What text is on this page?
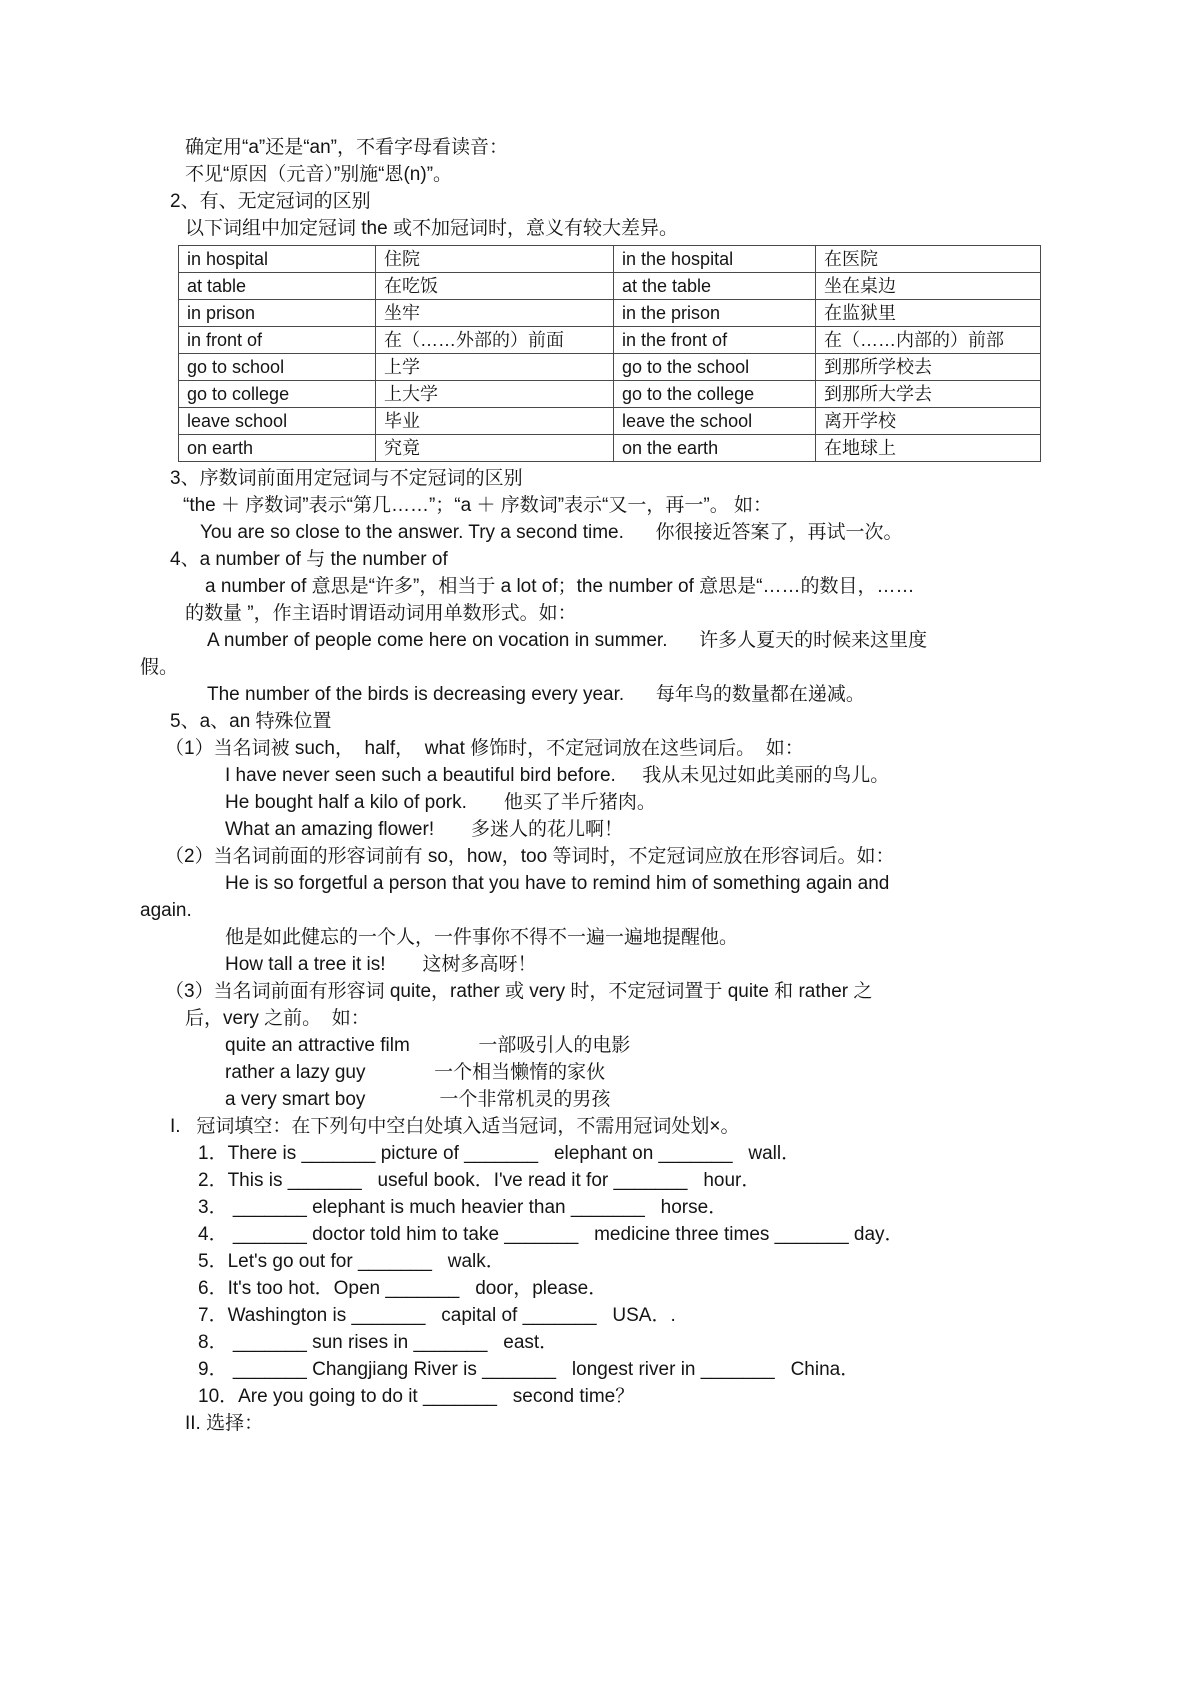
确定用“a”还是“an”，不看字母看读音：

不见“原因（元音）”别施“恩(n)”。

2、有、无定冠词的区别

以下词组中加定冠词 the 或不加冠词时，意义有较大差异。

in hospital	住院	in the hospital	在医院
at table	在吃饭	at the table	坐在桌边
in prison	坐牢	in the prison	在监狱里
in front of	在（……外部的）前面	in the front of	在（……内部的）前部
go to school	上学	go to the school	到那所学校去
go to college	上大学	go to the college	到那所大学去
leave school	毕业	leave the school	离开学校
on earth	究竟	on the earth	在地球上

3、序数词前面用定冠词与不定冠词的区别

“the ＋ 序数词”表示“第几……”；“a ＋ 序数词”表示“又一，再一”。 如：

You are so close to the answer. Try a second time.      你很接近答案了，再试一次。

4、a number of 与 the number of

a number of 意思是“许多”，相当于 a lot of；the number of 意思是“……的数目，……

的数量 ”，作主语时谓语动词用单数形式。如：

A number of people come here on vocation in summer.      许多人夏天的时候来这里度

假。

The number of the birds is decreasing every year.      每年鸟的数量都在递减。

5、a、an 特殊位置

（1）当名词被 such，  half，  what 修饰时，不定冠词放在这些词后。  如：

I have never seen such a beautiful bird before.     我从未见过如此美丽的鸟儿。

He bought half a kilo of pork.       他买了半斤猪肉。

What an amazing flower!       多迷人的花儿啊！

（2）当名词前面的形容词前有 so，how，too 等词时，不定冠词应放在形容词后。如：

He is so forgetful a person that you have to remind him of something again and

again.

他是如此健忘的一个人，一件事你不得不一遍一遍地提醒他。

How tall a tree it is!       这树多高呀！

（3）当名词前面有形容词 quite，rather 或 very 时，不定冠词置于 quite 和 rather 之

后，very 之前。  如：

quite an attractive film             一部吸引人的电影

rather a lazy guy             一个相当懒惰的家伙

a very smart boy              一个非常机灵的男孩

I.   冠词填空：在下列句中空白处填入适当冠词，不需用冠词处划×。

1．There is _______ picture of _______   elephant on _______   wall．

2．This is _______   useful book．I've read it for _______   hour．

3． _______ elephant is much heavier than _______   horse．

4． _______ doctor told him to take _______   medicine three times _______ day．

5．Let's go out for _______   walk．

6．It's too hot．Open _______   door，please．

7．Washington is _______   capital of _______   USA．.

8． _______ sun rises in _______   east．

9． _______ Changjiang River is _______   longest river in _______   China．

10．Are you going to do it _______   second time？

II. 选择：
